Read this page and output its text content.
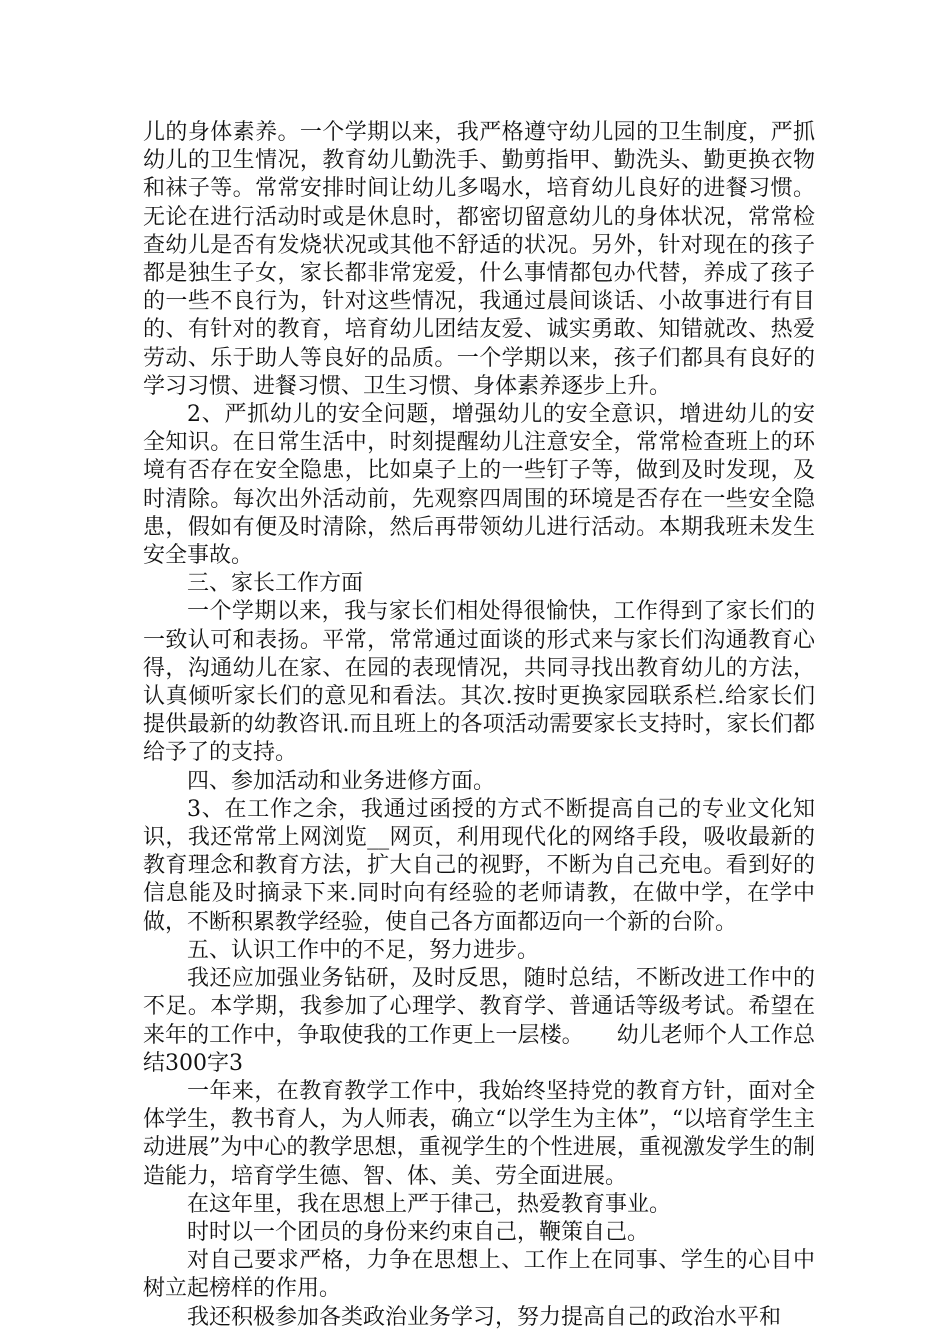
儿的身体素养。一个学期以来，我严格遵守幼儿园的卫生制度，严抓幼儿的卫生情况，教育幼儿勤洗手、勤剪指甲、勤洗头、勤更换衣物和袜子等。常常安排时间让幼儿多喝水，培育幼儿良好的进餐习惯。无论在进行活动时或是休息时，都密切留意幼儿的身体状况，常常检查幼儿是否有发烧状况或其他不舒适的状况。另外，针对现在的孩子都是独生子女，家长都非常宠爱，什么事情都包办代替，养成了孩子的一些不良行为，针对这些情况，我通过晨间谈话、小故事进行有目的、有针对的教育，培育幼儿团结友爱、诚实勇敢、知错就改、热爱劳动、乐于助人等良好的品质。一个学期以来，孩子们都具有良好的学习习惯、进餐习惯、卫生习惯、身体素养逐步上升。

2、严抓幼儿的安全问题，增强幼儿的安全意识，增进幼儿的安全知识。在日常生活中，时刻提醒幼儿注意安全，常常检查班上的环境有否存在安全隐患，比如桌子上的一些钉子等，做到及时发现，及时清除。每次出外活动前，先观察四周围的环境是否存在一些安全隐患，假如有便及时清除，然后再带领幼儿进行活动。本期我班未发生安全事故。

三、家长工作方面

一个学期以来，我与家长们相处得很愉快，工作得到了家长们的一致认可和表扬。平常，常常通过面谈的形式来与家长们沟通教育心得，沟通幼儿在家、在园的表现情况，共同寻找出教育幼儿的方法，认真倾听家长们的意见和看法。其次.按时更换家园联系栏.给家长们提供最新的幼教咨讯.而且班上的各项活动需要家长支持时，家长们都给予了的支持。

四、参加活动和业务进修方面。

3、在工作之余，我通过函授的方式不断提高自己的专业文化知识，我还常常上网浏览__网页，利用现代化的网络手段，吸收最新的教育理念和教育方法，扩大自己的视野，不断为自己充电。看到好的信息能及时摘录下来.同时向有经验的老师请教，在做中学，在学中做，不断积累教学经验，使自己各方面都迈向一个新的台阶。

五、认识工作中的不足，努力进步。

我还应加强业务钻研，及时反思，随时总结，不断改进工作中的不足。本学期，我参加了心理学、教育学、普通话等级考试。希望在来年的工作中，争取使我的工作更上一层楼。　　幼儿老师个人工作总结300字3

一年来，在教育教学工作中，我始终坚持党的教育方针，面对全体学生，教书育人，为人师表，确立“以学生为主体”，“以培育学生主动进展”为中心的教学思想，重视学生的个性进展，重视激发学生的制造能力，培育学生德、智、体、美、劳全面进展。

在这年里，我在思想上严于律己，热爱教育事业。

时时以一个团员的身份来约束自己，鞭策自己。

对自己要求严格，力争在思想上、工作上在同事、学生的心目中树立起榜样的作用。

我还积极参加各类政治业务学习，努力提高自己的政治水平和
